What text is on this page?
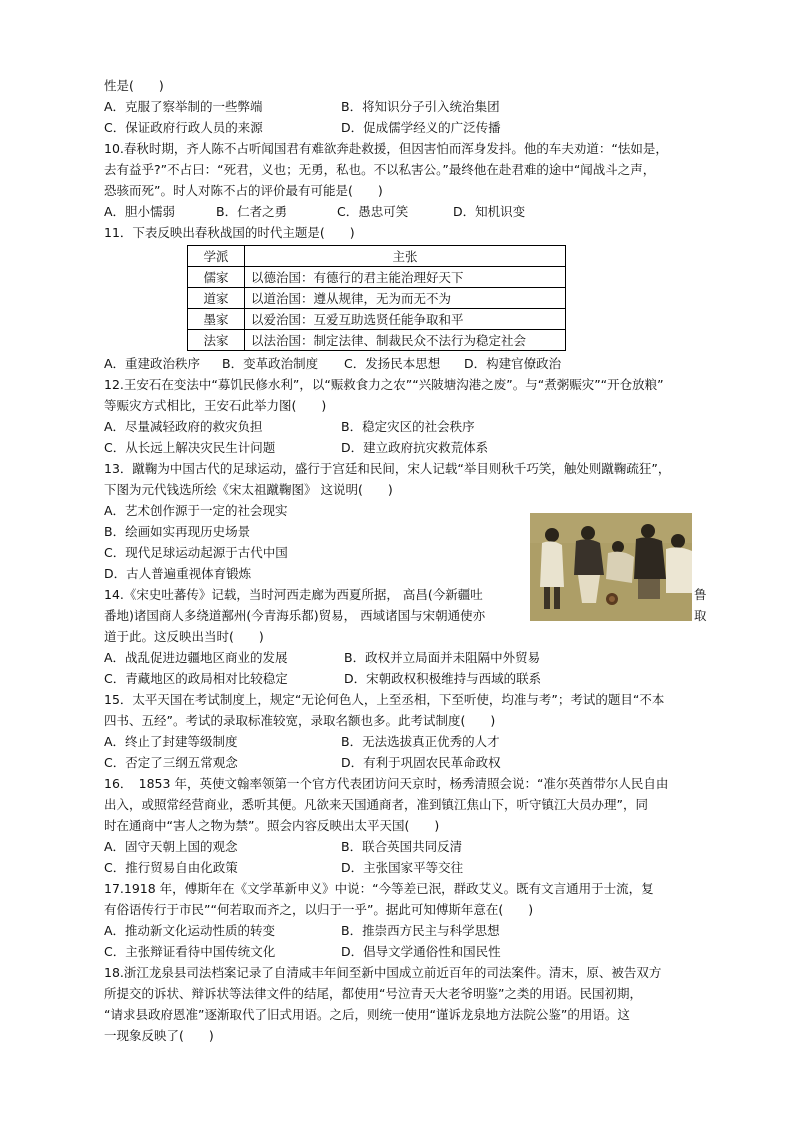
性是(　　)
A．克服了察举制的一些弊端	B．将知识分子引入统治集团
C．保证政府行政人员的来源	D．促成儒学经义的广泛传播
10.春秋时期，齐人陈不占听闻国君有难欲奔赴救援，但因害怕而浑身发抖。他的车夫劝道：“怯如是，
去有益乎?”不占曰：“死君，义也；无勇，私也。不以私害公。”最终他在赴君难的途中“闻战斗之声，
恐骇而死”。时人对陈不占的评价最有可能是(　　)
A．胆小懦弱	B．仁者之勇	C．愚忠可笑	D．知机识变
11．下表反映出春秋战国的时代主题是(　　)
学派	主张
儒家	以德治国：有德行的君主能治理好天下
道家	以道治国：遵从规律，无为而无不为
墨家	以爱治国：互爱互助选贤任能争取和平
法家	以法治国：制定法律、制裁民众不法行为稳定社会
A．重建政治秩序 B．变革政治制度 C．发扬民本思想 D．构建官僚政治
12.王安石在变法中“募饥民修水利”，以“赈救食力之农”“兴陂塘沟港之废”。与“煮粥赈灾”“开仓放粮”
等赈灾方式相比，王安石此举力图(　　)
A．尽量减轻政府的救灾负担	B．稳定灾区的社会秩序
C．从长远上解决灾民生计问题	D．建立政府抗灾救荒体系
13．蹴鞠为中国古代的足球运动，盛行于宫廷和民间，宋人记载“举目则秋千巧笑，触处则蹴鞠疏狂”，
下图为元代钱选所绘《宋太祖蹴鞠图》 这说明(　　)
A．艺术创作源于一定的社会现实
B．绘画如实再现历史场景
C．现代足球运动起源于古代中国
D．古人普遍重视体育锻炼
14.《宋史吐蕃传》记载，当时河西走廊为西夏所据， 高昌(今新疆吐	鲁
番地)诸国商人多绕道鄯州(今青海乐都)贸易， 西域诸国与宋朝通使亦	取
道于此。这反映出当时(　　)
A．战乱促进边疆地区商业的发展	B．政权并立局面并未阻隔中外贸易
C．青藏地区的政局相对比较稳定	D．宋朝政权积极维持与西域的联系
15．太平天国在考试制度上，规定“无论何色人，上至丞相，下至听使，均准与考”；考试的题目“不本
四书、五经”。考试的录取标准较宽，录取名额也多。此考试制度(　　)
A．终止了封建等级制度	B．无法选拔真正优秀的人才
C．否定了三纲五常观念	D．有利于巩固农民革命政权
16．　1853 年，英使文翰率领第一个官方代表团访问天京时，杨秀清照会说：“准尔英酋带尔人民自由
出入，或照常经营商业，悉听其便。凡欲来天国通商者，准到镇江焦山下，听守镇江大员办理”，同
时在通商中“害人之物为禁”。照会内容反映出太平天国(　　)
A．固守天朝上国的观念	B．联合英国共同反清
C．推行贸易自由化政策	D．主张国家平等交往
17.1918 年，傅斯年在《文学革新申义》中说：“今等差已泯，群政艾义。既有文言通用于士流，复
有俗语传行于市民”“何若取而齐之，以归于一乎”。据此可知傅斯年意在(　　)
A．推动新文化运动性质的转变	B．推崇西方民主与科学思想
C．主张辩证看待中国传统文化	D．倡导文学通俗性和国民性
18.浙江龙泉县司法档案记录了自清咸丰年间至新中国成立前近百年的司法案件。清末，原、被告双方
所提交的诉状、辩诉状等法律文件的结尾，都使用“号泣青天大老爷明鉴”之类的用语。民国初期，
“请求县政府恩准”逐渐取代了旧式用语。之后，则统一使用“谨诉龙泉地方法院公鉴”的用语。这
一现象反映了(　　)
